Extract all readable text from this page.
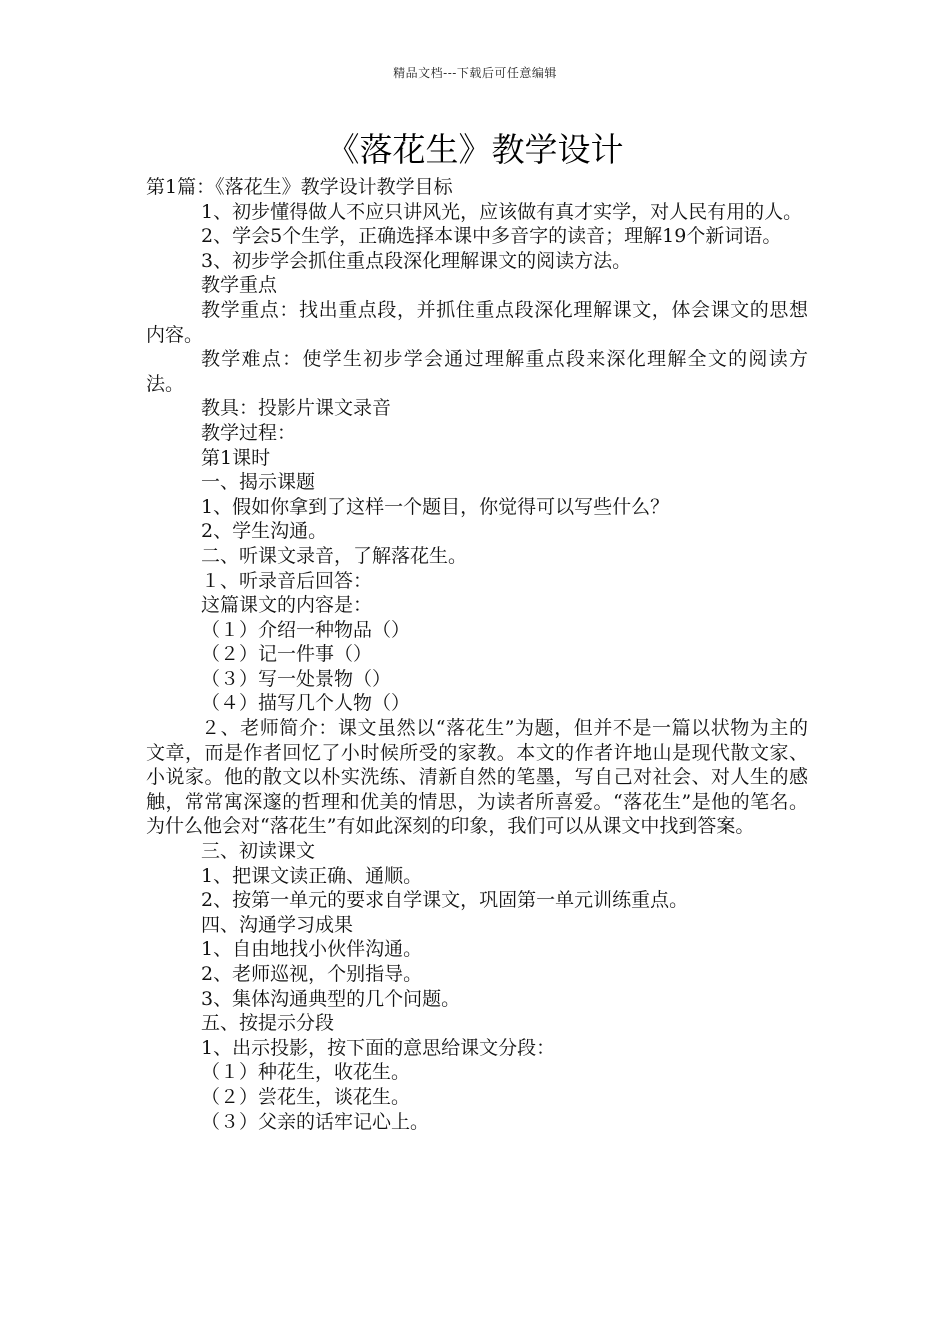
精品文档---下载后可任意编辑
《落花生》教学设计

第1篇：《落花生》教学设计教学目标

1、初步懂得做人不应只讲风光，应该做有真才实学，对人民有用的人。

2、学会5个生学，正确选择本课中多音字的读音；理解19个新词语。

3、初步学会抓住重点段深化理解课文的阅读方法。

教学重点

教学重点：找出重点段，并抓住重点段深化理解课文，体会课文的思想内容。

教学难点：使学生初步学会通过理解重点段来深化理解全文的阅读方法。

教具：投影片课文录音

教学过程：

第1课时

一、揭示课题

1、假如你拿到了这样一个题目，你觉得可以写些什么？

2、学生沟通。

二、听课文录音，了解落花生。

１、听录音后回答：

这篇课文的内容是：

（１）介绍一种物品（）

（２）记一件事（）

（３）写一处景物（）

（４）描写几个人物（）

２、老师简介：课文虽然以“落花生”为题，但并不是一篇以状物为主的文章，而是作者回忆了小时候所受的家教。本文的作者许地山是现代散文家、小说家。他的散文以朴实洗练、清新自然的笔墨，写自己对社会、对人生的感触，常常寓深邃的哲理和优美的情思，为读者所喜爱。“落花生”是他的笔名。为什么他会对“落花生”有如此深刻的印象，我们可以从课文中找到答案。

三、初读课文

1、把课文读正确、通顺。

2、按第一单元的要求自学课文，巩固第一单元训练重点。

四、沟通学习成果

1、自由地找小伙伴沟通。

2、老师巡视，个别指导。

3、集体沟通典型的几个问题。

五、按提示分段

1、出示投影，按下面的意思给课文分段：

（１）种花生，收花生。

（２）尝花生，谈花生。

（３）父亲的话牢记心上。
